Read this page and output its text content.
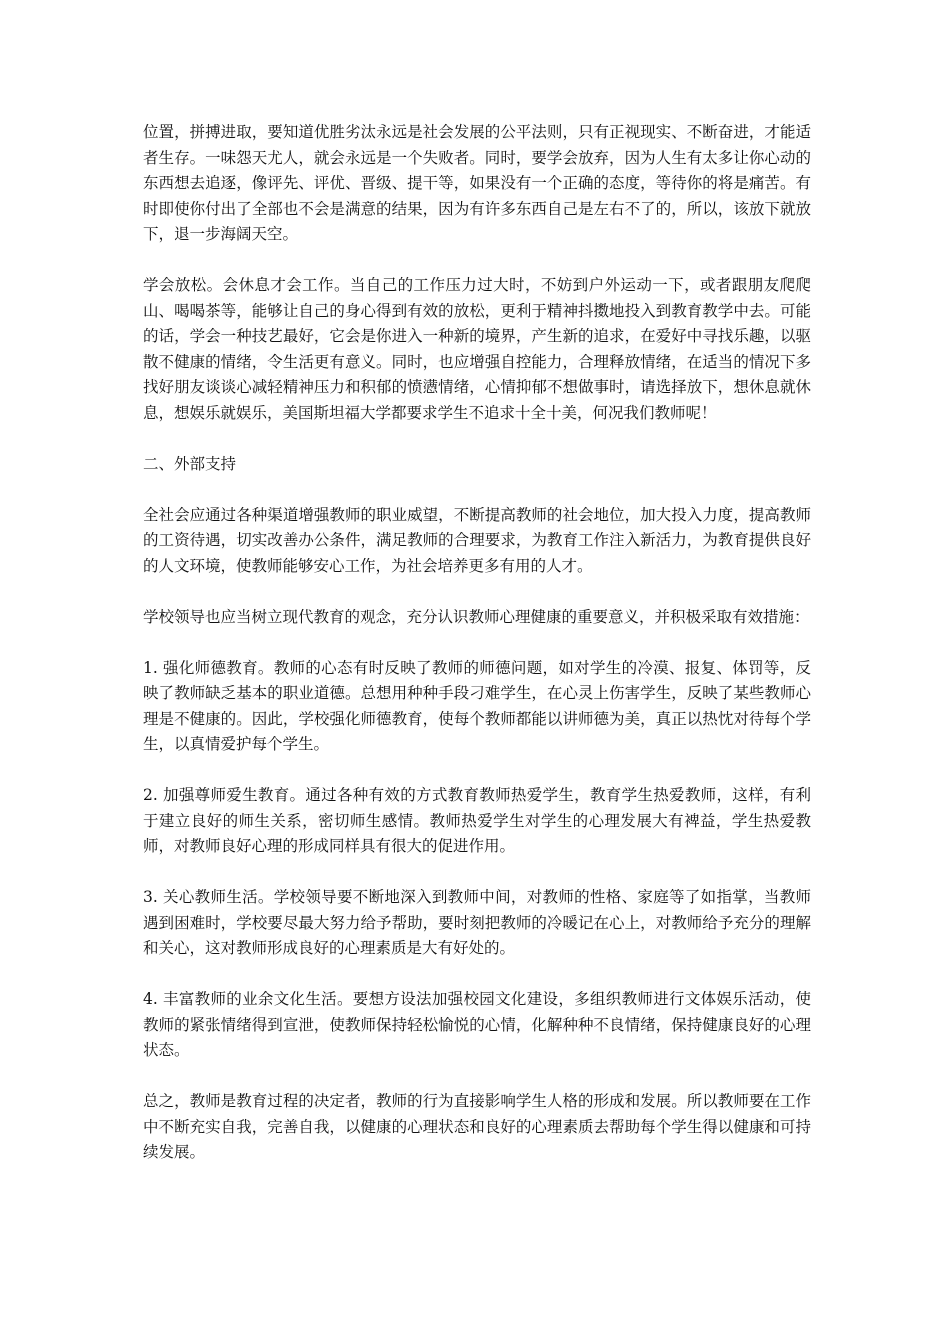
位置，拼搏进取，要知道优胜劣汰永远是社会发展的公平法则，只有正视现实、不断奋进，才能适者生存。一味怨天尤人，就会永远是一个失败者。同时，要学会放弃，因为人生有太多让你心动的东西想去追逐，像评先、评优、晋级、提干等，如果没有一个正确的态度，等待你的将是痛苦。有时即使你付出了全部也不会是满意的结果，因为有许多东西自己是左右不了的，所以，该放下就放下，退一步海阔天空。

学会放松。会休息才会工作。当自己的工作压力过大时，不妨到户外运动一下，或者跟朋友爬爬山、喝喝茶等，能够让自己的身心得到有效的放松，更利于精神抖擞地投入到教育教学中去。可能的话，学会一种技艺最好，它会是你进入一种新的境界，产生新的追求，在爱好中寻找乐趣，以驱散不健康的情绪，令生活更有意义。同时，也应增强自控能力，合理释放情绪，在适当的情况下多找好朋友谈谈心减轻精神压力和积郁的愤懑情绪，心情抑郁不想做事时，请选择放下，想休息就休息，想娱乐就娱乐，美国斯坦福大学都要求学生不追求十全十美，何况我们教师呢！

二、外部支持

全社会应通过各种渠道增强教师的职业威望，不断提高教师的社会地位，加大投入力度，提高教师的工资待遇，切实改善办公条件，满足教师的合理要求，为教育工作注入新活力，为教育提供良好的人文环境，使教师能够安心工作，为社会培养更多有用的人才。

学校领导也应当树立现代教育的观念，充分认识教师心理健康的重要意义，并积极采取有效措施：

1. 强化师德教育。教师的心态有时反映了教师的师德问题，如对学生的冷漠、报复、体罚等，反映了教师缺乏基本的职业道德。总想用种种手段刁难学生，在心灵上伤害学生，反映了某些教师心理是不健康的。因此，学校强化师德教育，使每个教师都能以讲师德为美，真正以热忱对待每个学生，以真情爱护每个学生。

2. 加强尊师爱生教育。通过各种有效的方式教育教师热爱学生，教育学生热爱教师，这样，有利于建立良好的师生关系，密切师生感情。教师热爱学生对学生的心理发展大有裨益，学生热爱教师，对教师良好心理的形成同样具有很大的促进作用。

3. 关心教师生活。学校领导要不断地深入到教师中间，对教师的性格、家庭等了如指掌，当教师遇到困难时，学校要尽最大努力给予帮助，要时刻把教师的冷暖记在心上，对教师给予充分的理解和关心，这对教师形成良好的心理素质是大有好处的。

4. 丰富教师的业余文化生活。要想方设法加强校园文化建设，多组织教师进行文体娱乐活动，使教师的紧张情绪得到宣泄，使教师保持轻松愉悦的心情，化解种种不良情绪，保持健康良好的心理状态。

总之，教师是教育过程的决定者，教师的行为直接影响学生人格的形成和发展。所以教师要在工作中不断充实自我，完善自我，以健康的心理状态和良好的心理素质去帮助每个学生得以健康和可持续发展。
